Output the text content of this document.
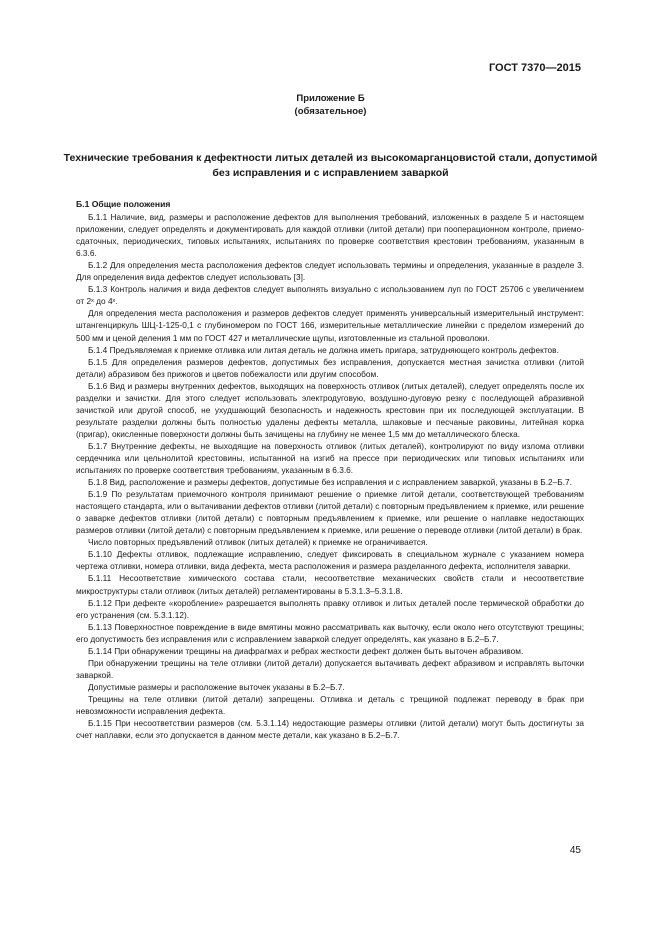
ГОСТ 7370—2015
Приложение Б
(обязательное)
Технические требования к дефектности литых деталей из высокомарганцовистой стали, допустимой без исправления и с исправлением заваркой
Б.1 Общие положения

Б.1.1 Наличие, вид, размеры и расположение дефектов для выполнения требований, изложенных в разделе 5 и настоящем приложении, следует определять и документировать для каждой отливки (литой детали) при пооперационном контроле, приемо-сдаточных, периодических, типовых испытаниях, испытаниях по проверке соответствия крестовин требованиям, указанным в 6.3.6.

Б.1.2 Для определения места расположения дефектов следует использовать термины и определения, указанные в разделе 3. Для определения вида дефектов следует использовать [3].

Б.1.3 Контроль наличия и вида дефектов следует выполнять визуально с использованием луп по ГОСТ 25706 с увеличением от 2ˣ до 4ˣ.

Для определения места расположения и размеров дефектов следует применять универсальный измерительный инструмент: штангенциркуль ШЦ-1-125-0,1 с глубиномером по ГОСТ 166, измерительные металлические линейки с пределом измерений до 500 мм и ценой деления 1 мм по ГОСТ 427 и металлические щупы, изготовленные из стальной проволоки.

Б.1.4 Предъявляемая к приемке отливка или литая деталь не должна иметь пригара, затрудняющего контроль дефектов.

Б.1.5 Для определения размеров дефектов, допустимых без исправления, допускается местная зачистка отливки (литой детали) абразивом без прижогов и цветов побежалости или другим способом.

Б.1.6 Вид и размеры внутренних дефектов, выходящих на поверхность отливок (литых деталей), следует определять после их разделки и зачистки. Для этого следует использовать электродуговую, воздушно-дуговую резку с последующей абразивной зачисткой или другой способ, не ухудшающий безопасность и надежность крестовин при их последующей эксплуатации. В результате разделки должны быть полностью удалены дефекты металла, шлаковые и песчаные раковины, литейная корка (пригар), окисленные поверхности должны быть зачищены на глубину не менее 1,5 мм до металлического блеска.

Б.1.7 Внутренние дефекты, не выходящие на поверхность отливок (литых деталей), контролируют по виду излома отливки сердечника или цельнолитой крестовины, испытанной на изгиб на прессе при периодических или типовых испытаниях или испытаниях по проверке соответствия требованиям, указанным в 6.3.6.

Б.1.8 Вид, расположение и размеры дефектов, допустимые без исправления и с исправлением заваркой, указаны в Б.2–Б.7.

Б.1.9 По результатам приемочного контроля принимают решение о приемке литой детали, соответствующей требованиям настоящего стандарта, или о вытачивании дефектов отливки (литой детали) с повторным предъявлением к приемке, или решение о заварке дефектов отливки (литой детали) с повторным предъявлением к приемке, или решение о наплавке недостающих размеров отливки (литой детали) с повторным предъявлением к приемке, или решение о переводе отливки (литой детали) в брак.

Число повторных предъявлений отливок (литых деталей) к приемке не ограничивается.

Б.1.10 Дефекты отливок, подлежащие исправлению, следует фиксировать в специальном журнале с указанием номера чертежа отливки, номера отливки, вида дефекта, места расположения и размера разделанного дефекта, исполнителя заварки.

Б.1.11 Несоответствие химического состава стали, несоответствие механических свойств стали и несоответствие микроструктуры стали отливок (литых деталей) регламентированы в 5.3.1.3–5.3.1.8.

Б.1.12 При дефекте «коробление» разрешается выполнять правку отливок и литых деталей после термической обработки до его устранения (см. 5.3.1.12).

Б.1.13 Поверхностное повреждение в виде вмятины можно рассматривать как выточку, если около него отсутствуют трещины; его допустимость без исправления или с исправлением заваркой следует определять, как указано в Б.2–Б.7.

Б.1.14 При обнаружении трещины на диафрагмах и ребрах жесткости дефект должен быть выточен абразивом.

При обнаружении трещины на теле отливки (литой детали) допускается вытачивать дефект абразивом и исправлять выточки заваркой.

Допустимые размеры и расположение выточек указаны в Б.2–Б.7.

Трещины на теле отливки (литой детали) запрещены. Отливка и деталь с трещиной подлежат переводу в брак при невозможности исправления дефекта.

Б.1.15 При несоответствии размеров (см. 5.3.1.14) недостающие размеры отливки (литой детали) могут быть достигнуты за счет наплавки, если это допускается в данном месте детали, как указано в Б.2–Б.7.

45
